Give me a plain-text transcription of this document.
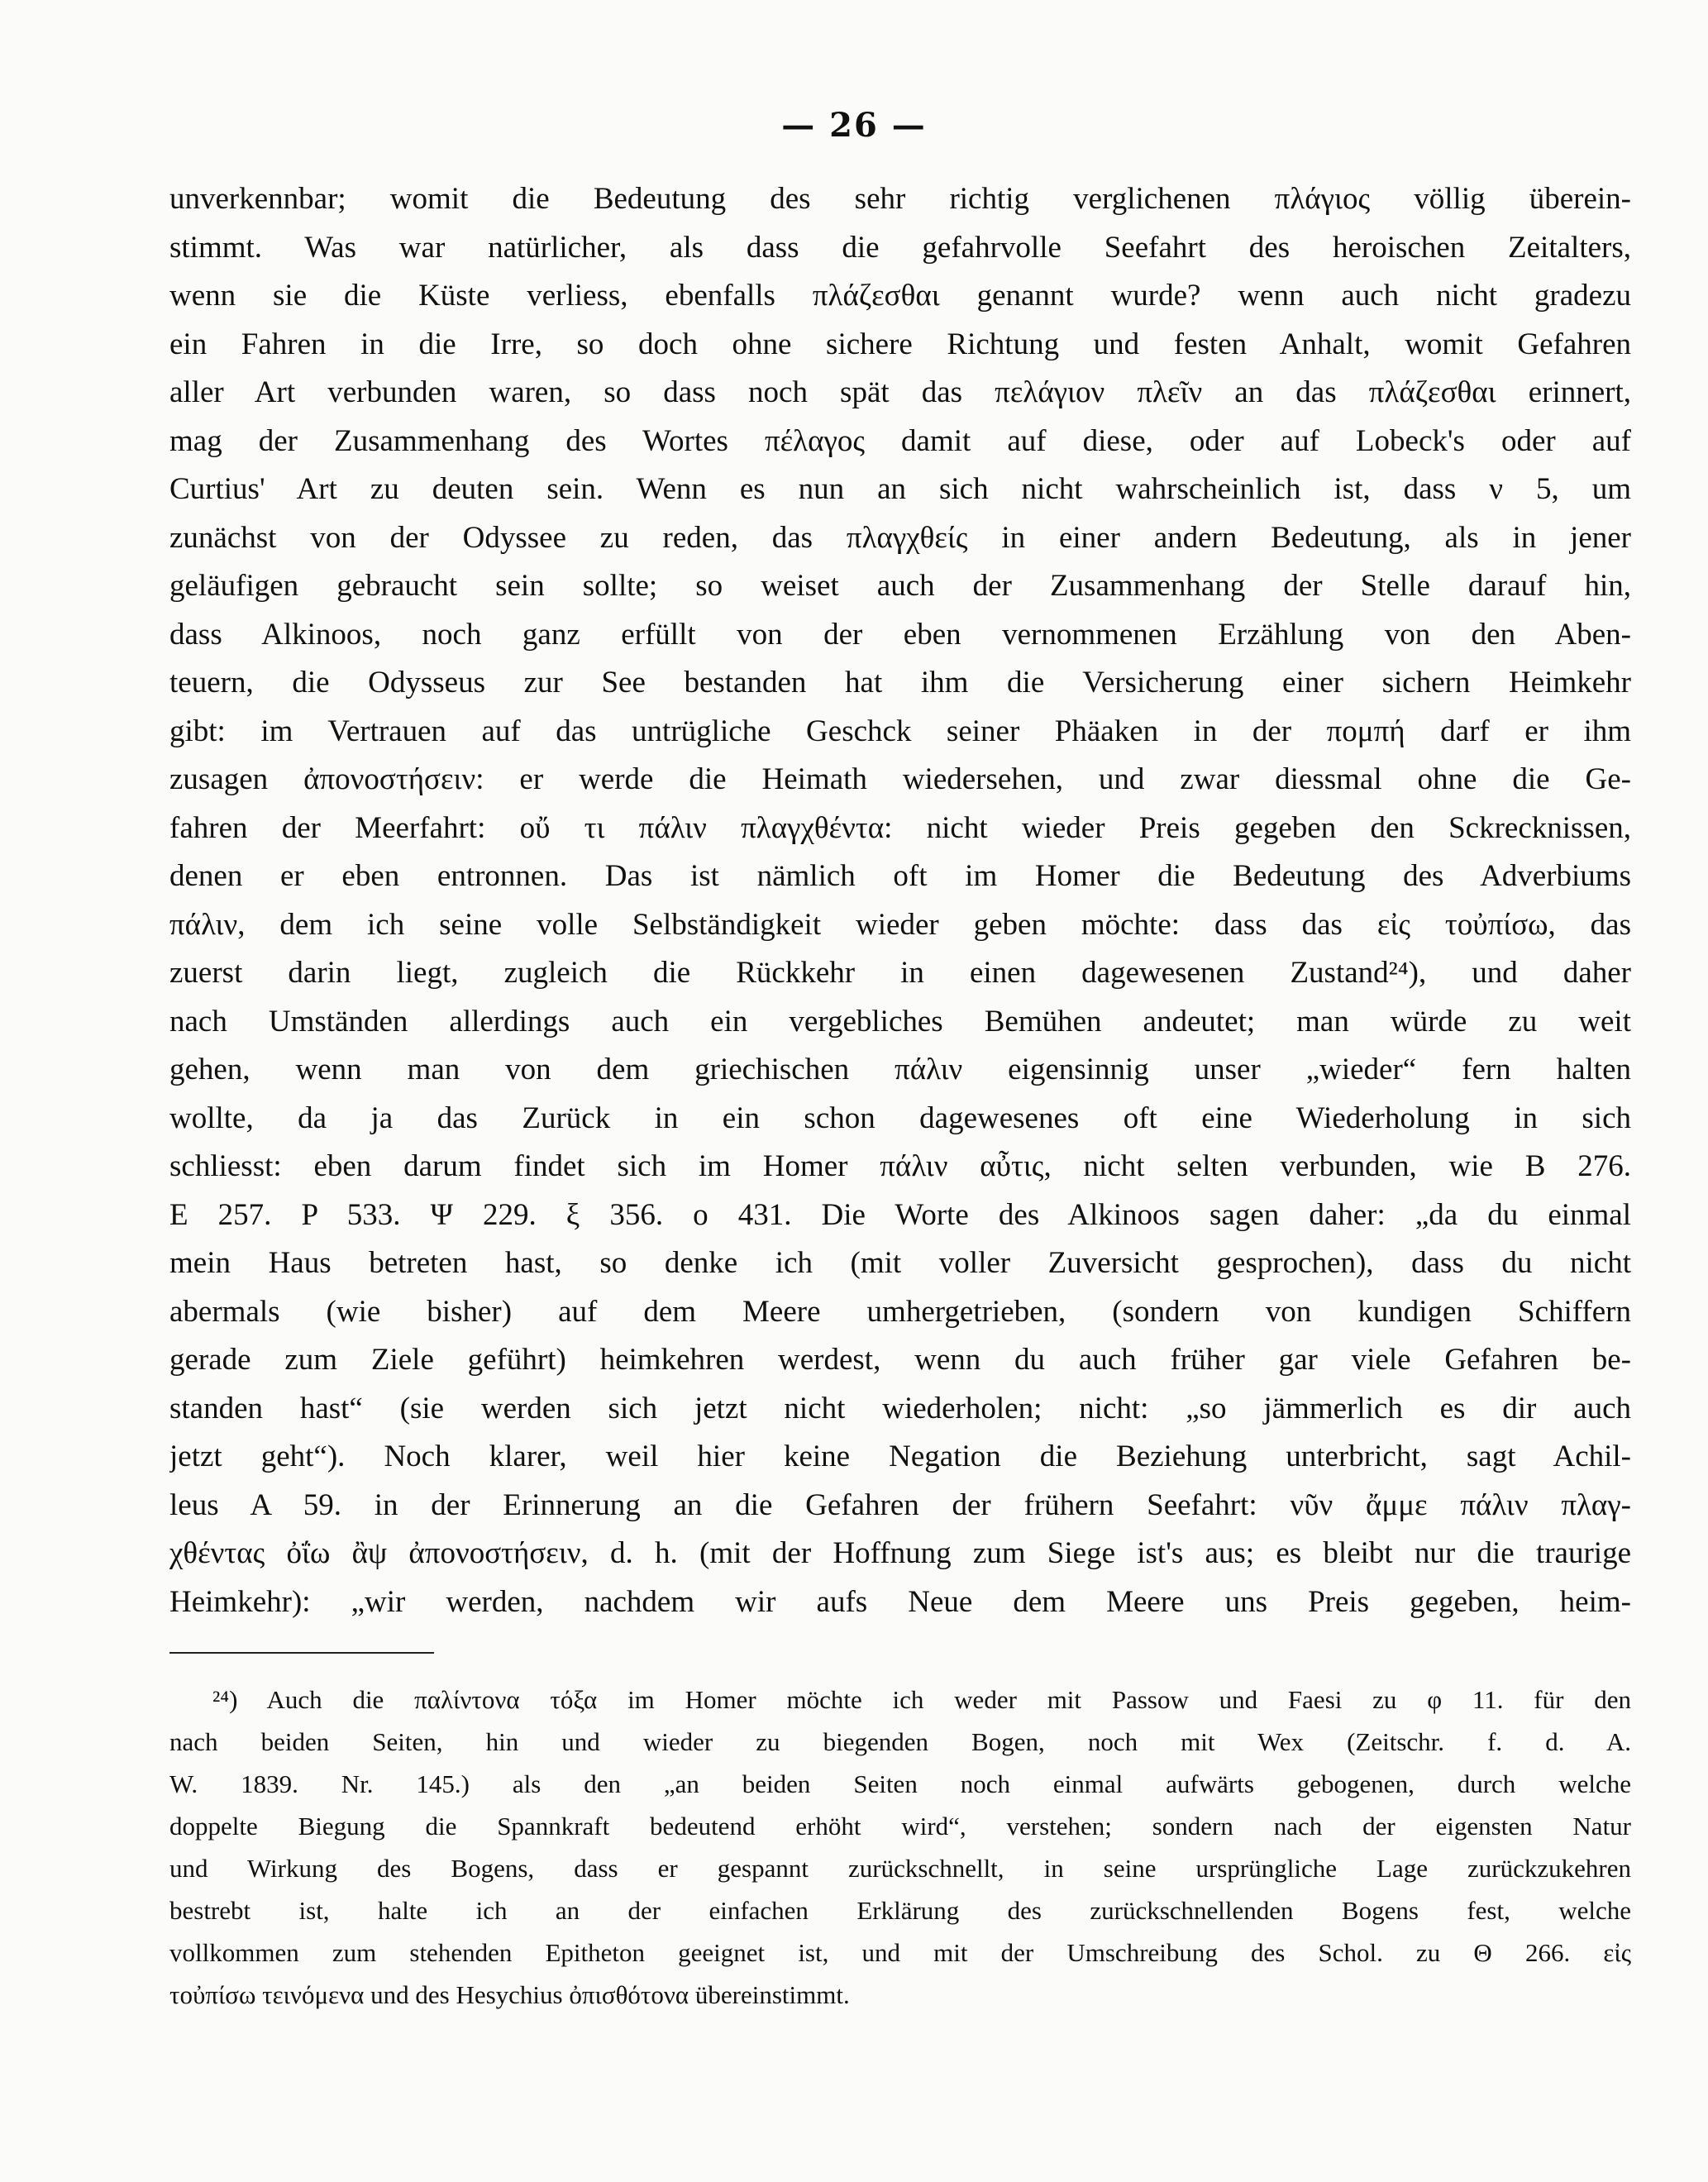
— 26 —
unverkennbar; womit die Bedeutung des sehr richtig verglichenen πλάγιος völlig überein-
stimmt. Was war natürlicher, als dass die gefahrvolle Seefahrt des heroischen Zeitalters,
wenn sie die Küste verliess, ebenfalls πλάζεσθαι genannt wurde? wenn auch nicht gradezu
ein Fahren in die Irre, so doch ohne sichere Richtung und festen Anhalt, womit Gefahren
aller Art verbunden waren, so dass noch spät das πελάγιον πλεῖν an das πλάζεσθαι erinnert,
mag der Zusammenhang des Wortes πέλαγος damit auf diese, oder auf Lobeck's oder auf
Curtius' Art zu deuten sein. Wenn es nun an sich nicht wahrscheinlich ist, dass ν 5, um
zunächst von der Odyssee zu reden, das πλαγχθείς in einer andern Bedeutung, als in jener
geläufigen gebraucht sein sollte; so weiset auch der Zusammenhang der Stelle darauf hin,
dass Alkinoos, noch ganz erfüllt von der eben vernommenen Erzählung von den Aben-
teuern, die Odysseus zur See bestanden hat ihm die Versicherung einer sichern Heimkehr
gibt: im Vertrauen auf das untrügliche Geschck seiner Phäaken in der πομπή darf er ihm
zusagen ἀπονοστήσειν: er werde die Heimath wiedersehen, und zwar diessmal ohne die Ge-
fahren der Meerfahrt: οὔ τι πάλιν πλαγχθέντα: nicht wieder Preis gegeben den Sckrecknissen,
denen er eben entronnen. Das ist nämlich oft im Homer die Bedeutung des Adverbiums
πάλιν, dem ich seine volle Selbständigkeit wieder geben möchte: dass das εἰς τοὐπίσω, das
zuerst darin liegt, zugleich die Rückkehr in einen dagewesenen Zustand²⁴), und daher
nach Umständen allerdings auch ein vergebliches Bemühen andeutet; man würde zu weit
gehen, wenn man von dem griechischen πάλιν eigensinnig unser „wieder“ fern halten
wollte, da ja das Zurück in ein schon dagewesenes oft eine Wiederholung in sich
schliesst: eben darum findet sich im Homer πάλιν αὖτις, nicht selten verbunden, wie B 276.
E 257. P 533. Ψ 229. ξ 356. ο 431. Die Worte des Alkinoos sagen daher: „da du einmal
mein Haus betreten hast, so denke ich (mit voller Zuversicht gesprochen), dass du nicht
abermals (wie bisher) auf dem Meere umhergetrieben, (sondern von kundigen Schiffern
gerade zum Ziele geführt) heimkehren werdest, wenn du auch früher gar viele Gefahren be-
standen hast“ (sie werden sich jetzt nicht wiederholen; nicht: „so jämmerlich es dir auch
jetzt geht“). Noch klarer, weil hier keine Negation die Beziehung unterbricht, sagt Achil-
leus A 59. in der Erinnerung an die Gefahren der frühern Seefahrt: νῦν ἄμμε πάλιν πλαγ-
χθέντας ὀΐω ἂψ ἀπονοστήσειν, d. h. (mit der Hoffnung zum Siege ist's aus; es bleibt nur die traurige
Heimkehr): „wir werden, nachdem wir aufs Neue dem Meere uns Preis gegeben, heim-
²⁴) Auch die παλίντονα τόξα im Homer möchte ich weder mit Passow und Faesi zu φ 11. für den
nach beiden Seiten, hin und wieder zu biegenden Bogen, noch mit Wex (Zeitschr. f. d. A.
W. 1839. Nr. 145.) als den „an beiden Seiten noch einmal aufwärts gebogenen, durch welche
doppelte Biegung die Spannkraft bedeutend erhöht wird“, verstehen; sondern nach der eigensten Natur
und Wirkung des Bogens, dass er gespannt zurückschnellt, in seine ursprüngliche Lage zurückzukehren
bestrebt ist, halte ich an der einfachen Erklärung des zurückschnellenden Bogens fest, welche
vollkommen zum stehenden Epitheton geeignet ist, und mit der Umschreibung des Schol. zu Θ 266. εἰς
τοὐπίσω τεινόμενα und des Hesychius ὀπισθότονα übereinstimmt.
